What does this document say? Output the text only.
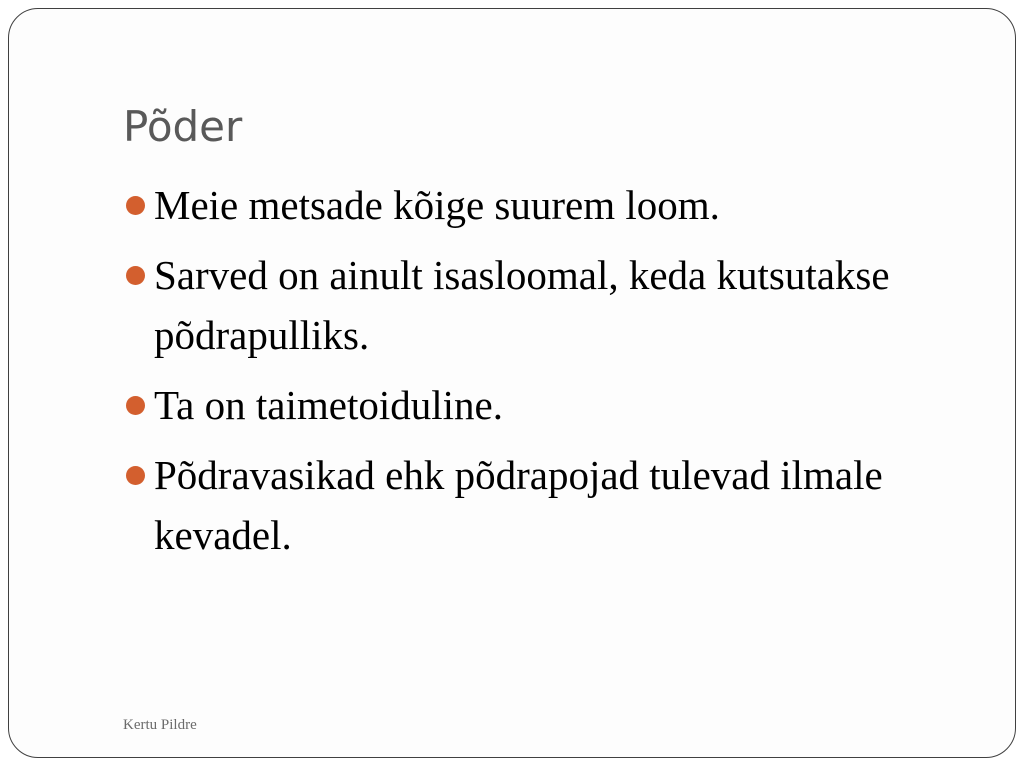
Põder
Meie metsade kõige suurem loom.
Sarved on ainult isasloomal, keda kutsutakse põdrapulliks.
Ta on taimetoiduline.
Põdravasikad ehk põdrapojad tulevad ilmale kevadel.
Kertu Pildre
